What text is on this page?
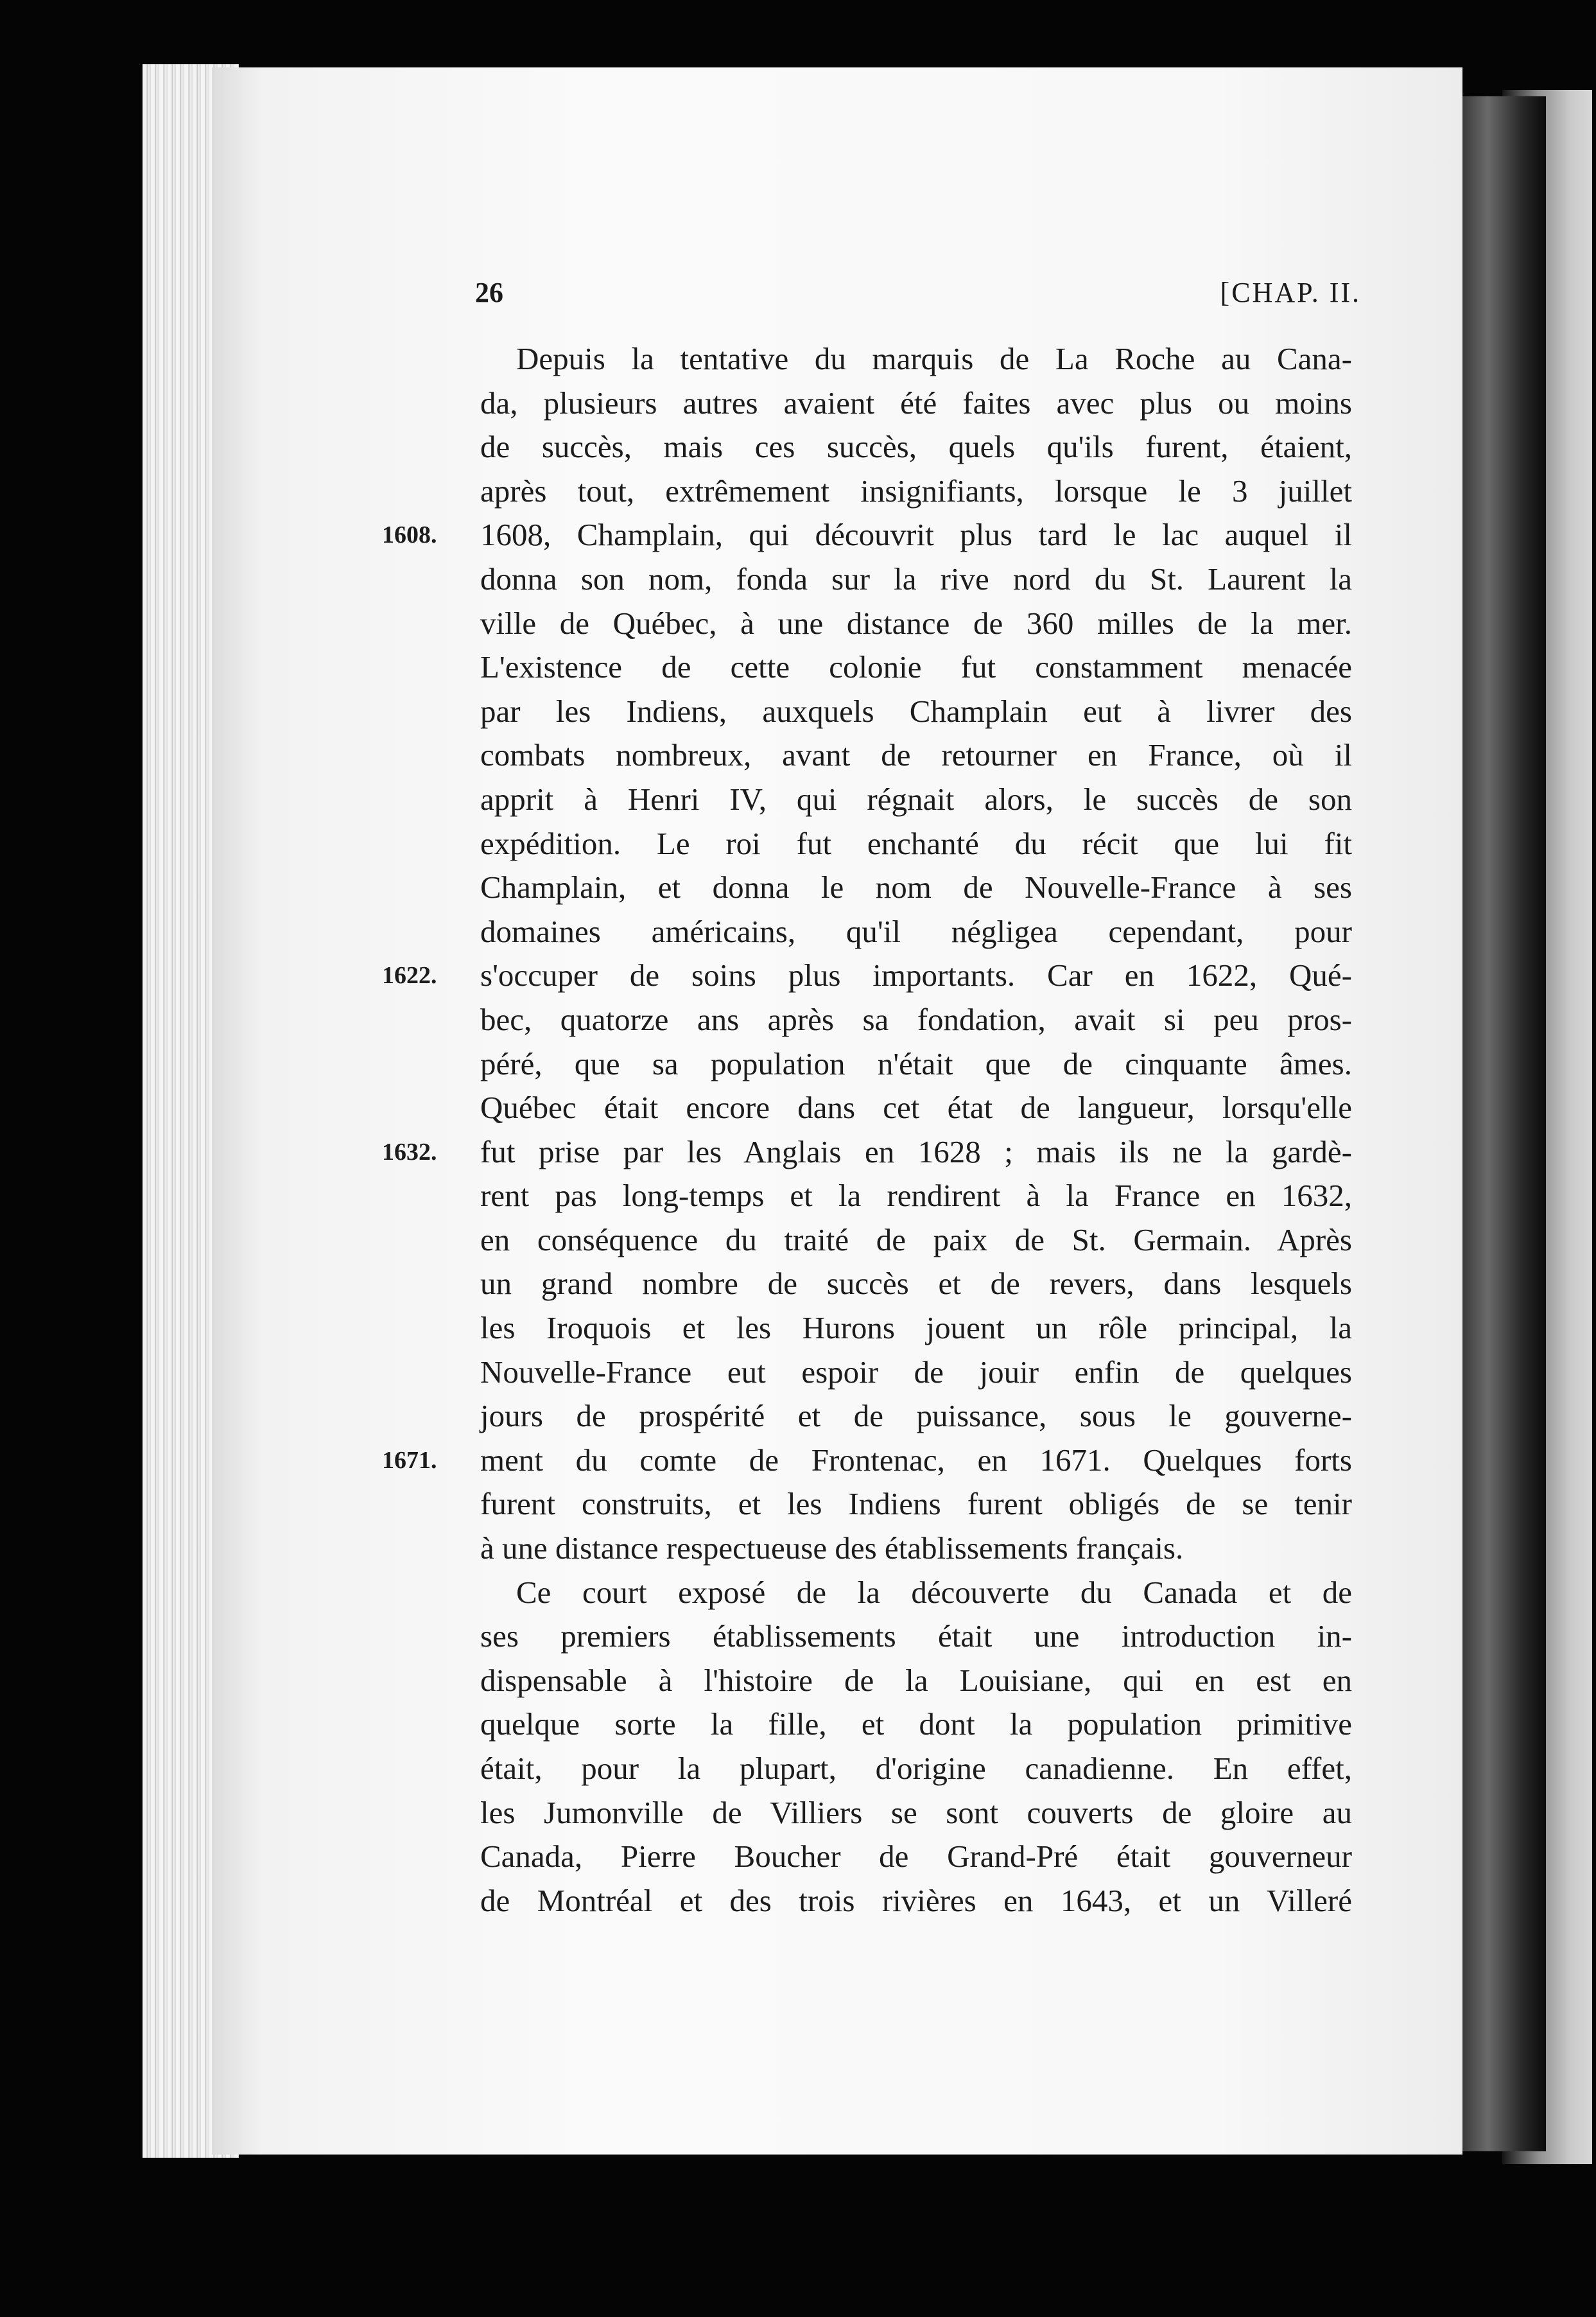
26	[CHAP. II.
1608.
1622.
1632.
1671.
Depuis la tentative du marquis de La Roche au Cana-
da, plusieurs autres avaient été faites avec plus ou moins
de succès, mais ces succès, quels qu'ils furent, étaient,
après tout, extrêmement insignifiants, lorsque le 3 juillet
1608, Champlain, qui découvrit plus tard le lac auquel il
donna son nom, fonda sur la rive nord du St. Laurent la
ville de Québec, à une distance de 360 milles de la mer.
L'existence de cette colonie fut constamment menacée
par les Indiens, auxquels Champlain eut à livrer des
combats nombreux, avant de retourner en France, où il
apprit à Henri IV, qui régnait alors, le succès de son
expédition. Le roi fut enchanté du récit que lui fit
Champlain, et donna le nom de Nouvelle-France à ses
domaines américains, qu'il négligea cependant, pour
s'occuper de soins plus importants. Car en 1622, Qué-
bec, quatorze ans après sa fondation, avait si peu pros-
péré, que sa population n'était que de cinquante âmes.
Québec était encore dans cet état de langueur, lorsqu'elle
fut prise par les Anglais en 1628 ; mais ils ne la gardè-
rent pas long-temps et la rendirent à la France en 1632,
en conséquence du traité de paix de St. Germain. Après
un grand nombre de succès et de revers, dans lesquels
les Iroquois et les Hurons jouent un rôle principal, la
Nouvelle-France eut espoir de jouir enfin de quelques
jours de prospérité et de puissance, sous le gouverne-
ment du comte de Frontenac, en 1671. Quelques forts
furent construits, et les Indiens furent obligés de se tenir
à une distance respectueuse des établissements français.
Ce court exposé de la découverte du Canada et de
ses premiers établissements était une introduction in-
dispensable à l'histoire de la Louisiane, qui en est en
quelque sorte la fille, et dont la population primitive
était, pour la plupart, d'origine canadienne. En effet,
les Jumonville de Villiers se sont couverts de gloire au
Canada, Pierre Boucher de Grand-Pré était gouverneur
de Montréal et des trois rivières en 1643, et un Villeré
